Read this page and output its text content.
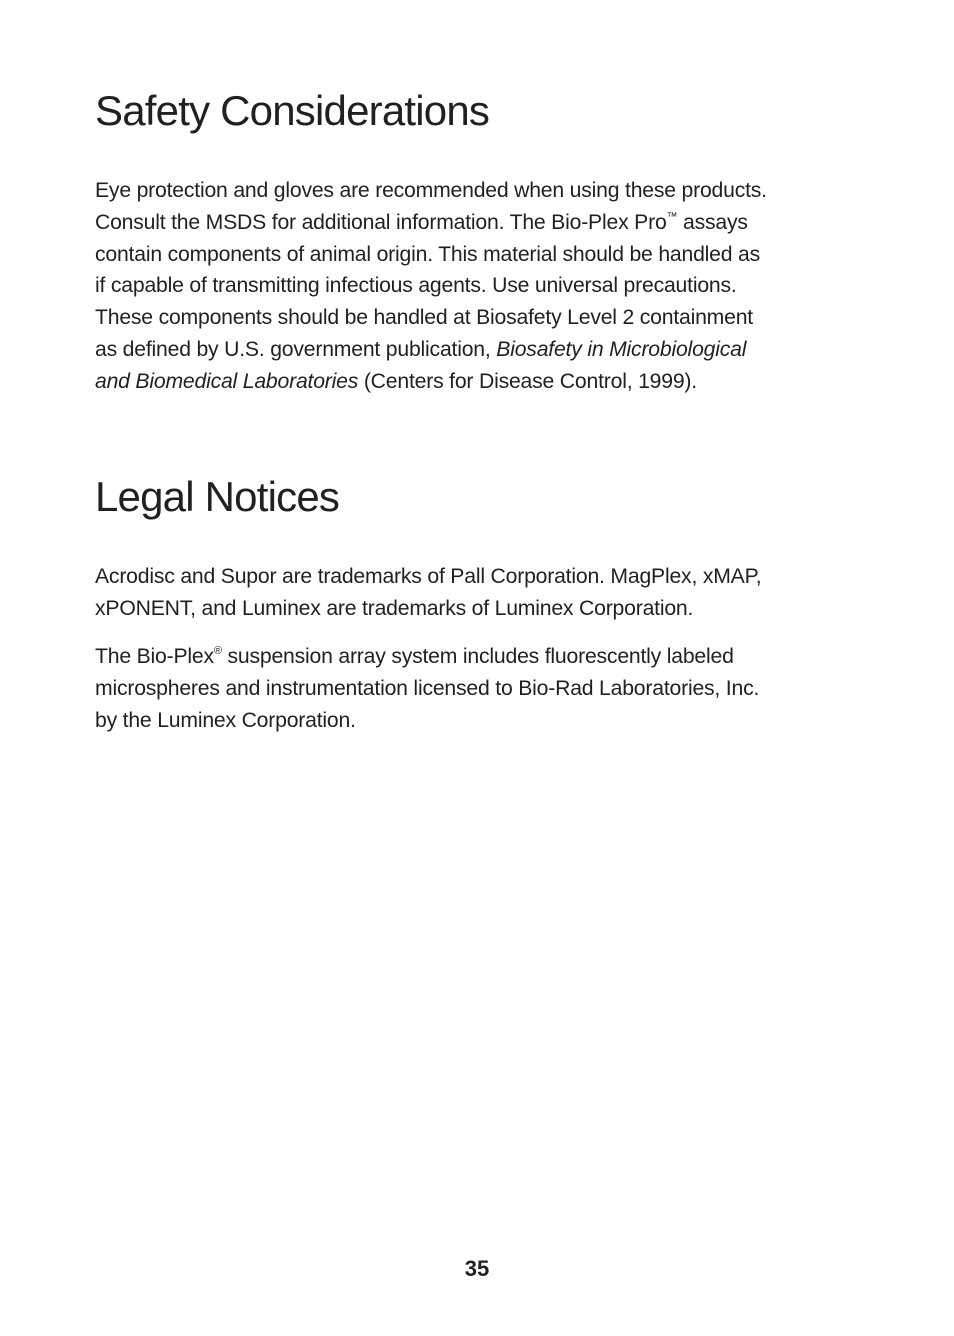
Safety Considerations

Eye protection and gloves are recommended when using these products.
Consult the MSDS for additional information. The Bio-Plex Pro™ assays
contain components of animal origin. This material should be handled as
if capable of transmitting infectious agents. Use universal precautions.
These components should be handled at Biosafety Level 2 containment
as defined by U.S. government publication, Biosafety in Microbiological
and Biomedical Laboratories (Centers for Disease Control, 1999).

Legal Notices

Acrodisc and Supor are trademarks of Pall Corporation. MagPlex, xMAP,
xPONENT, and Luminex are trademarks of Luminex Corporation.

The Bio-Plex® suspension array system includes fluorescently labeled
microspheres and instrumentation licensed to Bio-Rad Laboratories, Inc.
by the Luminex Corporation.

35
